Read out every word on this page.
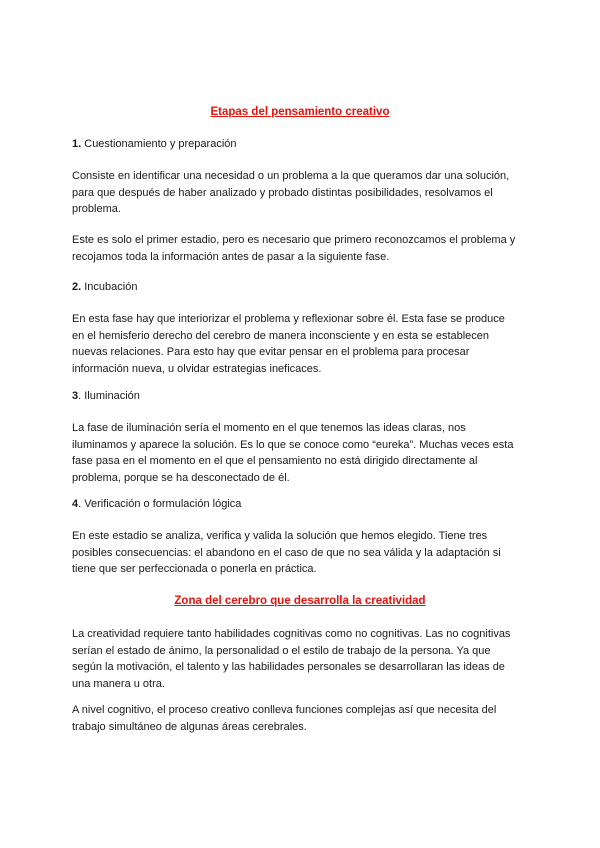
Etapas del pensamiento creativo
1. Cuestionamiento y preparación

Consiste en identificar una necesidad o un problema a la que queramos dar una solución, para que después de haber analizado y probado distintas posibilidades, resolvamos el problema.

Este es solo el primer estadio, pero es necesario que primero reconozcamos el problema y recojamos toda la información antes de pasar a la siguiente fase.

2. Incubación

En esta fase hay que interiorizar el problema y reflexionar sobre él. Esta fase se produce en el hemisferio derecho del cerebro de manera inconsciente y en esta se establecen nuevas relaciones. Para esto hay que evitar pensar en el problema para procesar información nueva, u olvidar estrategias ineficaces.

3. Iluminación

La fase de iluminación sería el momento en el que tenemos las ideas claras, nos iluminamos y aparece la solución. Es lo que se conoce como “eureka”. Muchas veces esta fase pasa en el momento en el que el pensamiento no está dirigido directamente al problema, porque se ha desconectado de él.

4. Verificación o formulación lógica

En este estadio se analiza, verifica y valida la solución que hemos elegido. Tiene tres posibles consecuencias: el abandono en el caso de que no sea válida y la adaptación si tiene que ser perfeccionada o ponerla en práctica.

Zona del cerebro que desarrolla la creatividad

La creatividad requiere tanto habilidades cognitivas como no cognitivas. Las no cognitivas serían el estado de ánimo, la personalidad o el estilo de trabajo de la persona. Ya que según la motivación, el talento y las habilidades personales se desarrollaran las ideas de una manera u otra.

A nivel cognitivo, el proceso creativo conlleva funciones complejas así que necesita del trabajo simultáneo de algunas áreas cerebrales.
